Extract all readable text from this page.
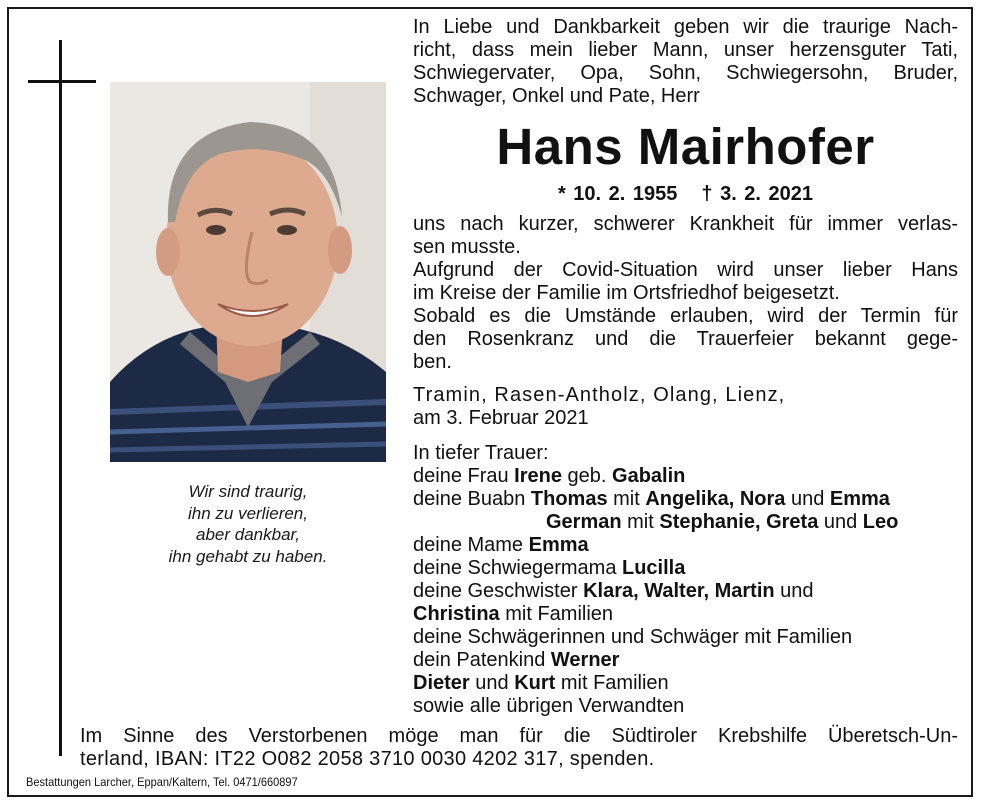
Wir sind traurig,
ihn zu verlieren,
aber dankbar,
ihn gehabt zu haben.
In Liebe und Dankbarkeit geben wir die traurige Nach-
richt, dass mein lieber Mann, unser herzensguter Tati,
Schwiegervater, Opa, Sohn, Schwiegersohn, Bruder,
Schwager, Onkel und Pate, Herr
Hans Mairhofer
* 10. 2. 1955 † 3. 2. 2021
uns nach kurzer, schwerer Krankheit für immer verlas-
sen musste.
Aufgrund der Covid-Situation wird unser lieber Hans
im Kreise der Familie im Ortsfriedhof beigesetzt.
Sobald es die Umstände erlauben, wird der Termin für
den Rosenkranz und die Trauerfeier bekannt gege-
ben.
Tramin, Rasen-Antholz, Olang, Lienz,
am 3. Februar 2021
In tiefer Trauer:
deine Frau Irene geb. Gabalin
deine Buabn Thomas mit Angelika, Nora und Emma
German mit Stephanie, Greta und Leo
deine Mame Emma
deine Schwiegermama Lucilla
deine Geschwister Klara, Walter, Martin und
Christina mit Familien
deine Schwägerinnen und Schwäger mit Familien
dein Patenkind Werner
Dieter und Kurt mit Familien
sowie alle übrigen Verwandten
Im Sinne des Verstorbenen möge man für die Südtiroler Krebshilfe Überetsch-Un-
terland, IBAN: IT22 O082 2058 3710 0030 4202 317, spenden.
Bestattungen Larcher, Eppan/Kaltern, Tel. 0471/660897
